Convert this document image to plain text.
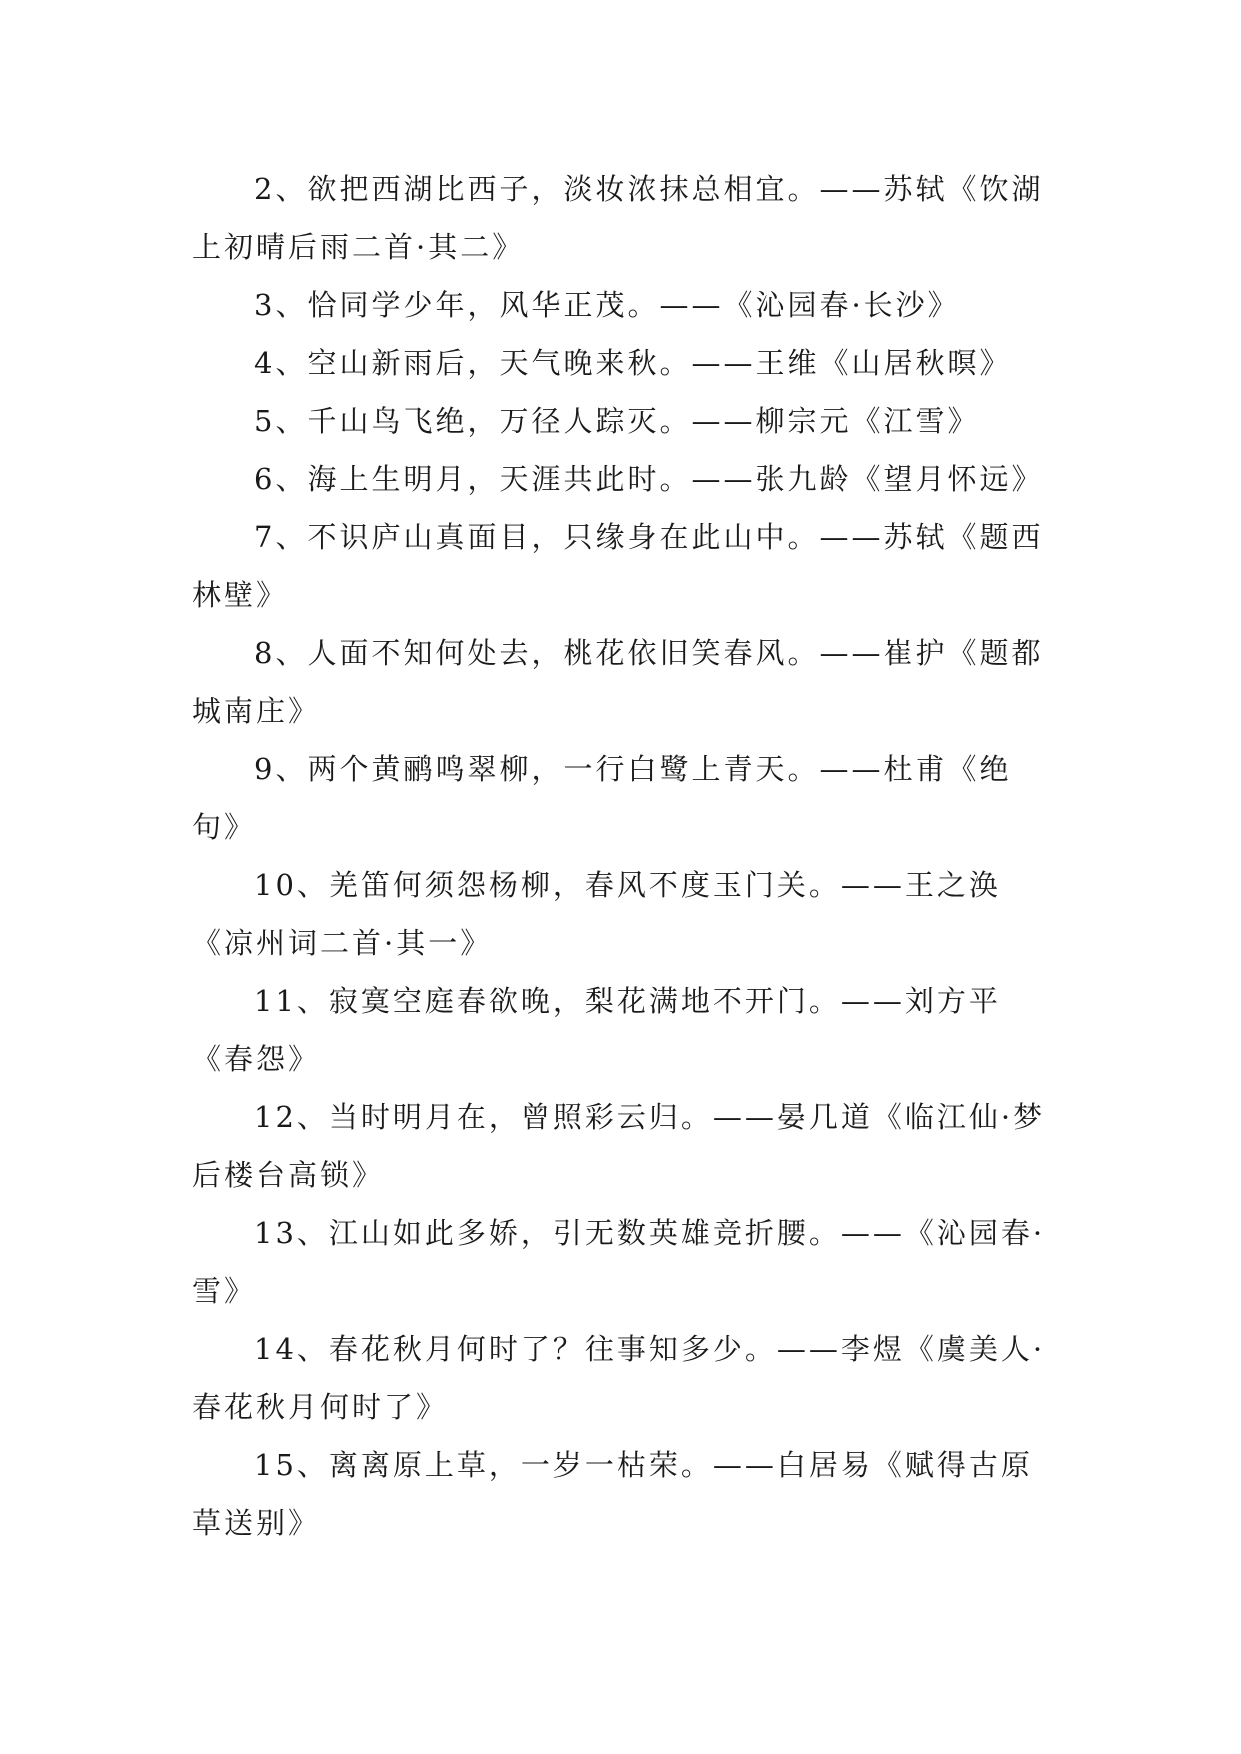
2、欲把西湖比西子，淡妆浓抹总相宜。——苏轼《饮湖上初晴后雨二首·其二》

3、恰同学少年，风华正茂。——《沁园春·长沙》

4、空山新雨后，天气晚来秋。——王维《山居秋暝》

5、千山鸟飞绝，万径人踪灭。——柳宗元《江雪》

6、海上生明月，天涯共此时。——张九龄《望月怀远》

7、不识庐山真面目，只缘身在此山中。——苏轼《题西林壁》

8、人面不知何处去，桃花依旧笑春风。——崔护《题都城南庄》

9、两个黄鹂鸣翠柳，一行白鹭上青天。——杜甫《绝句》

10、羌笛何须怨杨柳，春风不度玉门关。——王之涣《凉州词二首·其一》

11、寂寞空庭春欲晚，梨花满地不开门。——刘方平《春怨》

12、当时明月在，曾照彩云归。——晏几道《临江仙·梦后楼台高锁》

13、江山如此多娇，引无数英雄竞折腰。——《沁园春·雪》

14、春花秋月何时了？往事知多少。——李煜《虞美人·春花秋月何时了》

15、离离原上草，一岁一枯荣。——白居易《赋得古原草送别》
